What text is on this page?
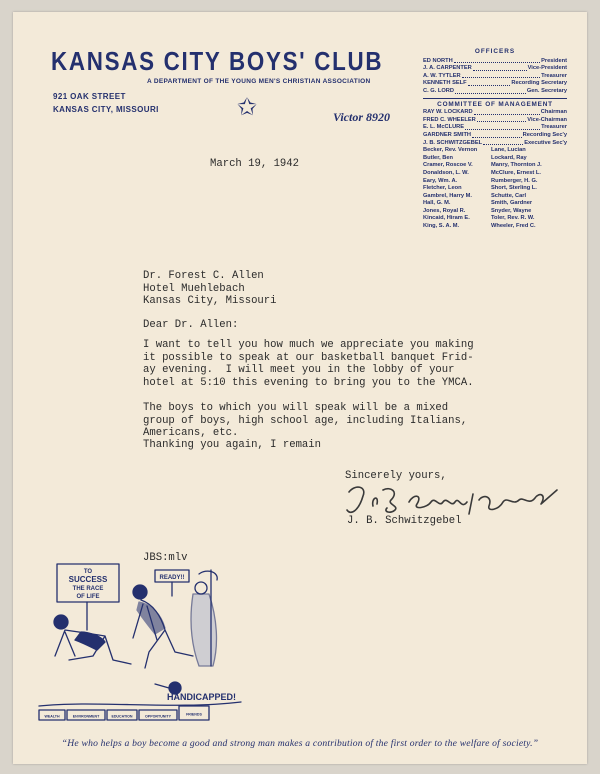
KANSAS CITY BOYS' CLUB
A DEPARTMENT OF THE YOUNG MEN'S CHRISTIAN ASSOCIATION
921 OAK STREET
KANSAS CITY, MISSOURI	✩	Victor 8920
OFFICERS
ED NORTH	President
J. A. CARPENTER	Vice-President
A. W. TYTLER	Treasurer
KENNETH SELF	Recording Secretary
C. G. LORD	Gen. Secretary
COMMITTEE OF MANAGEMENT
RAY W. LOCKARD	Chairman
FRED C. WHEELER	Vice-Chairman
E. L. McCLURE	Treasurer
GARDNER SMITH	Recording Sec'y
J. B. SCHWITZGEBEL	Executive Sec'y
Becker, Rev. Vernon	Lane, Lucian
Butler, Ben	Lockard, Ray
Cramer, Roscoe V.	Manry, Thornton J.
Donaldson, L. W.	McClure, Ernest L.
Eary, Wm. A.	Rumberger, H. G.
Fletcher, Leon	Short, Sterling L.
Gambrel, Harry M.	Schutte, Carl
Hall, G. M.	Smith, Gardner
Jones, Royal R.	Snyder, Wayne
Kincaid, Hiram E.	Toler, Rev. R. W.
King, S. A. M.	Wheeler, Fred C.
March 19, 1942
Dr. Forest C. Allen
Hotel Muehlebach
Kansas City, Missouri
Dear Dr. Allen:
I want to tell you how much we appreciate you making
it possible to speak at our basketball banquet Frid-
ay evening.  I will meet you in the lobby of your
hotel at 5:10 this evening to bring you to the YMCA.

The boys to which you will speak will be a mixed
group of boys, high school age, including Italians,
Americans, etc.
Thanking you again, I remain
Sincerely yours,
J. B. Schwitzgebel
JBS:mlv
TO
SUCCESS
THE RACE
OF LIFE
READY!!
HANDICAPPED!
WEALTH	ENVIRONMENT	EDUCATION	OPPORTUNITY	FRIENDS
“He who helps a boy become a good and strong man makes a contribution of the first order to the welfare of society.”
